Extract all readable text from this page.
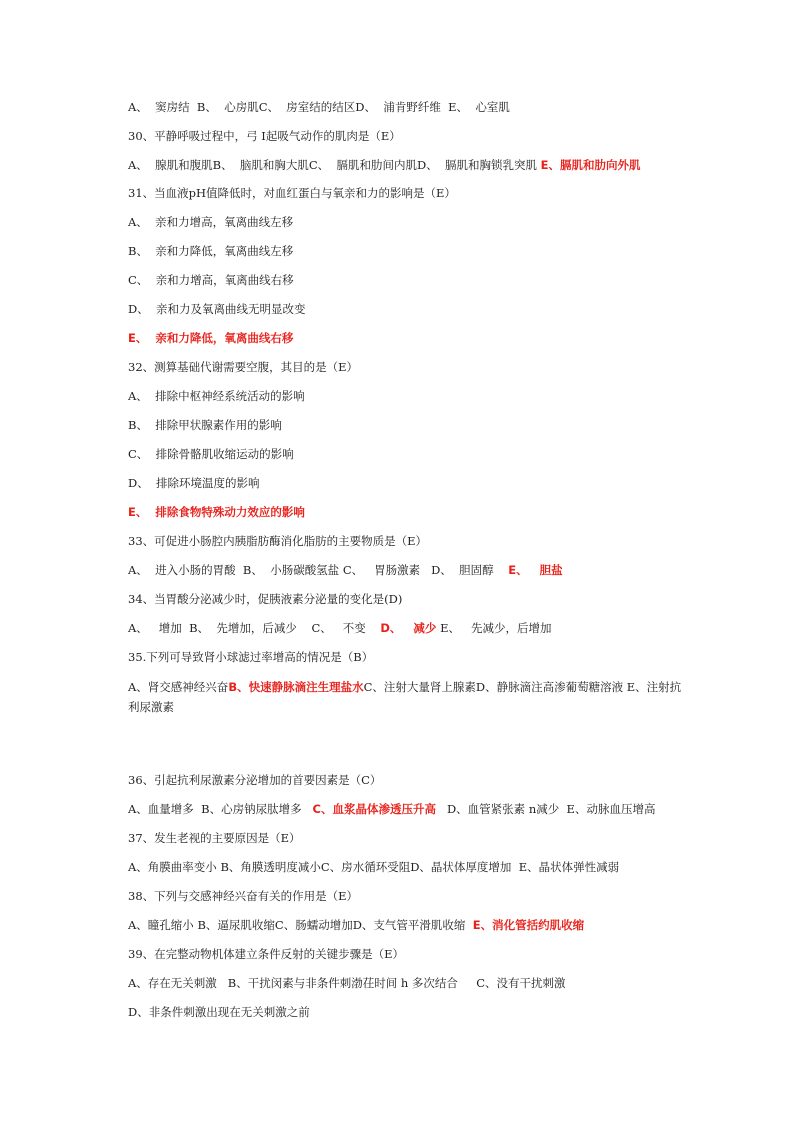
A、  窦房结  B、  心房肌C、  房室结的结区D、  浦肯野纤维  E、  心室肌
30、平静呼吸过程中，弓 I起吸气动作的肌肉是（E）
A、  腺肌和腹肌B、  脑肌和胸大肌C、  膈肌和肋间内肌D、  膈肌和胸锁乳突肌 E、膈肌和肋向外肌
31、当血液pH值降低时，对血红蛋白与氧亲和力的影响是（E）
A、  亲和力增高，氧离曲线左移
B、  亲和力降低，氧离曲线左移
C、  亲和力增高，氧离曲线右移
D、  亲和力及氧离曲线无明显改变
E、  亲和力降低，氧离曲线右移
32、测算基础代谢需要空腹，其目的是（E）
A、  排除中枢神经系统活动的影响
B、  排除甲状腺素作用的影响
C、  排除骨骼肌收缩运动的影响
D、  排除环境温度的影响
E、  排除食物特殊动力效应的影响
33、可促进小肠腔内胰脂肪酶消化脂肪的主要物质是（E）
A、  进入小肠的胃酸  B、  小肠碳酸氢盐 C、   胃肠激素   D、  胆固醇    E、   胆盐
34、当胃酸分泌减少时，促胰液素分泌量的变化是(D)
A、   增加  B、  先增加，后减少    C、   不变    D、   减少 E、   先减少，后增加
35.下列可导致肾小球滤过率增高的情况是（B）
A、肾交感神经兴奋B、快速静脉滴注生理盐水C、注射大量肾上腺素D、静脉滴注高渗葡萄糖溶液 E、注射抗利尿激素
36、引起抗利尿激素分泌增加的首要因素是（C）
A、血量增多  B、心房钠尿肽增多   C、血浆晶体渗透压升高   D、血管紧张素 n减少  E、动脉血压增高
37、发生老视的主要原因是（E）
A、角膜曲率变小 B、角膜透明度减小C、房水循环受阻D、晶状体厚度增加  E、晶状体弹性减弱
38、下列与交感神经兴奋有关的作用是（E）
A、瞳孔缩小 B、逼尿肌收缩C、肠蠕动增加D、支气管平滑肌收缩  E、消化管括约肌收缩
39、在完整动物机体建立条件反射的关键步骤是（E）
A、存在无关刺激   B、干扰闵素与非条件刺渤茌时间 h 多次结合     C、没有干扰刺激
D、非条件刺激出现在无关刺激之前
